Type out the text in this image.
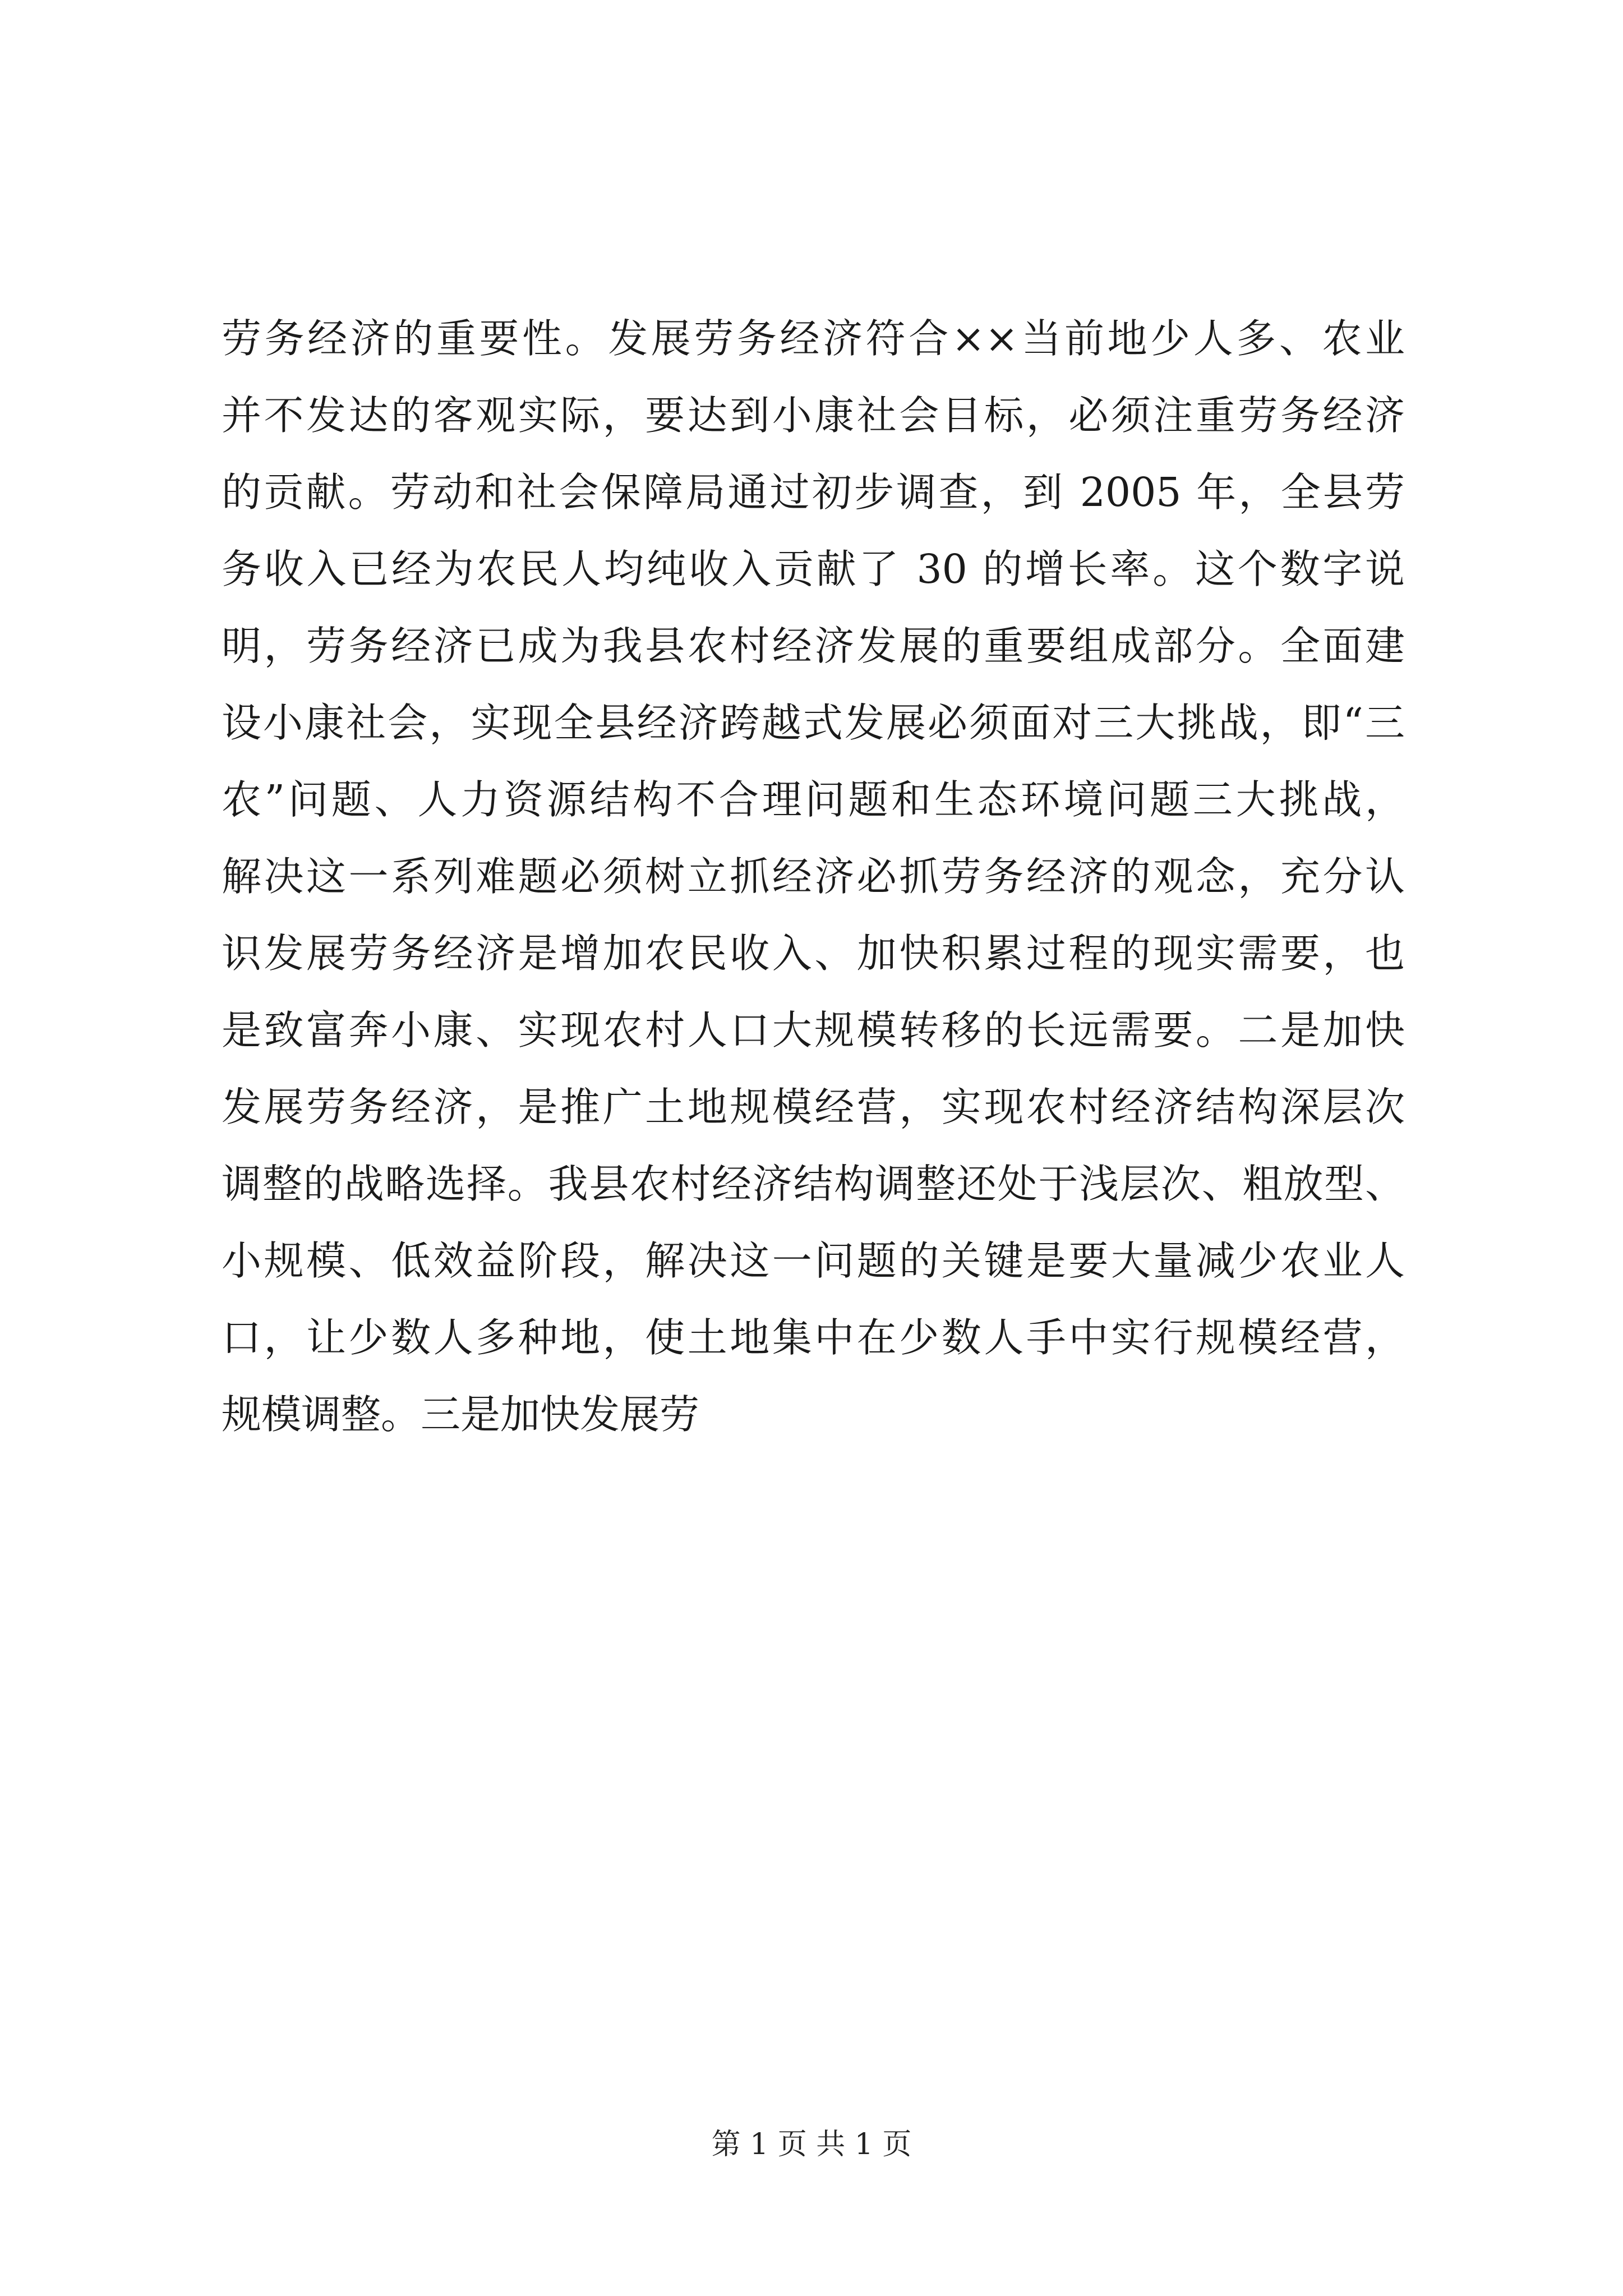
劳务经济的重要性。发展劳务经济符合××当前地少人多、农业
并不发达的客观实际，要达到小康社会目标，必须注重劳务经济
的贡献。劳动和社会保障局通过初步调查，到 2005 年，全县劳
务收入已经为农民人均纯收入贡献了 30 的增长率。这个数字说
明，劳务经济已成为我县农村经济发展的重要组成部分。全面建
设小康社会，实现全县经济跨越式发展必须面对三大挑战，即“三
农”问题、人力资源结构不合理问题和生态环境问题三大挑战，
解决这一系列难题必须树立抓经济必抓劳务经济的观念，充分认
识发展劳务经济是增加农民收入、加快积累过程的现实需要，也
是致富奔小康、实现农村人口大规模转移的长远需要。二是加快
发展劳务经济，是推广土地规模经营，实现农村经济结构深层次
调整的战略选择。我县农村经济结构调整还处于浅层次、粗放型、
小规模、低效益阶段，解决这一问题的关键是要大量减少农业人
口，让少数人多种地，使土地集中在少数人手中实行规模经营，
规模调整。三是加快发展劳
第 1 页 共 1 页
